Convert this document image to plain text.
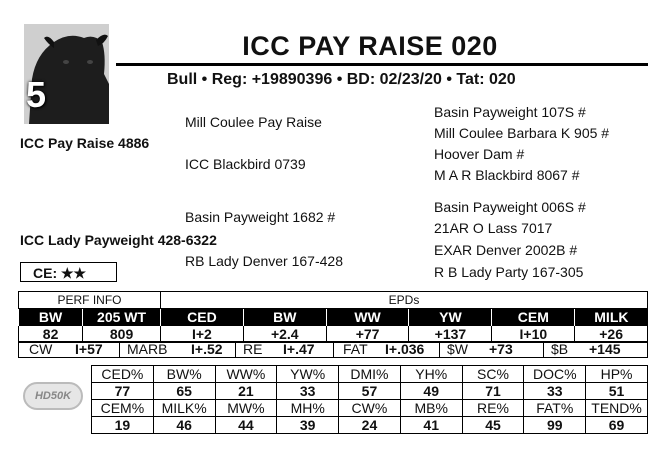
5
ICC PAY RAISE 020
Bull • Reg: +19890396 • BD: 02/23/20 • Tat: 020
ICC Pay Raise 4886
Mill Coulee Pay Raise
ICC Blackbird 0739
Basin Payweight 107S #
Mill Coulee Barbara K 905 #
Hoover Dam #
M A R Blackbird 8067 #
ICC Lady Payweight 428-6322
Basin Payweight 1682 #
RB Lady Denver 167-428
Basin Payweight 006S #
21AR O Lass 7017
EXAR Denver 2002B #
R B Lady Party 167-305
CE: ★★
PERF INFO		EPDs					
BW	205 WT	CED	BW	WW	YW	CEM	MILK
82	809	I+2	+2.4	+77	+137	I+10	+26
CW I+57 MARB I+.52 RE I+.47 FAT I+.036 $W +73	$B +145
HD50K
CED%	BW%	WW%	YW%	DMI%	YH%	SC%	DOC%	HP%
77	65	21	33	57	49	71	33	51
CEM%	MILK%	MW%	MH%	CW%	MB%	RE%	FAT%	TEND%
19	46	44	39	24	41	45	99	69
